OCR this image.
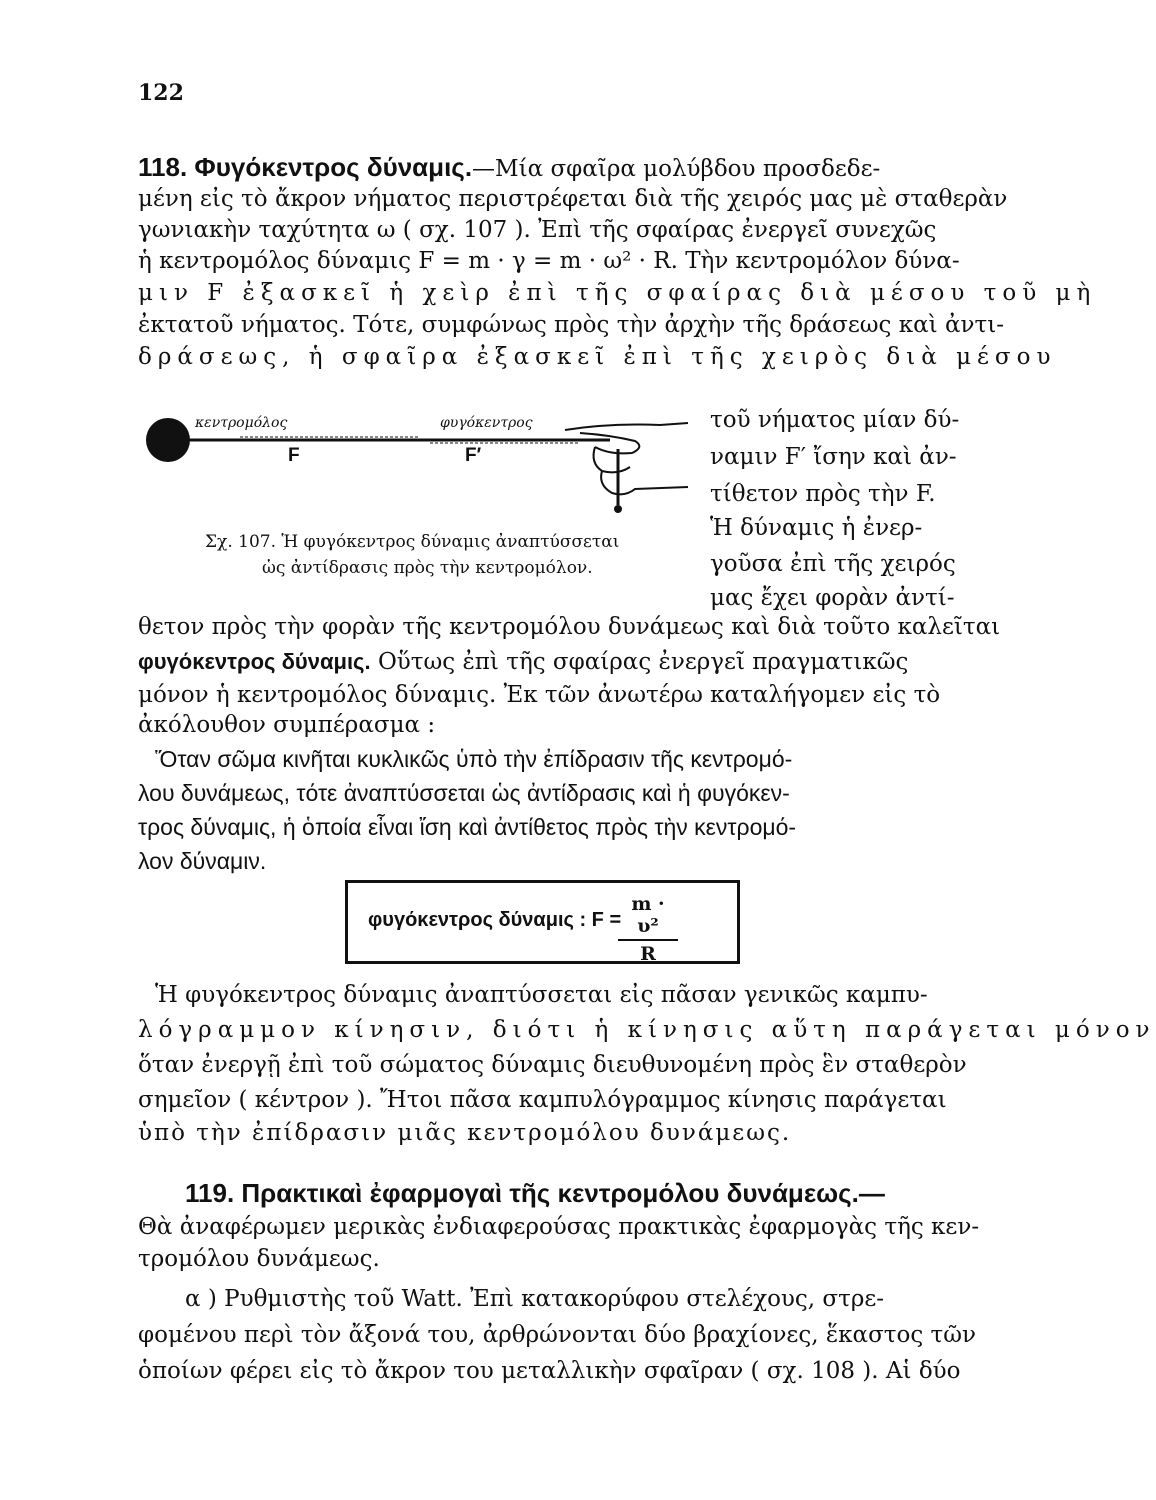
122
118. Φυγόκεντρος δύναμις.—Μία σφαῖρα μολύβδου προσδεδε-
μένη εἰς τὸ ἄκρον νήματος περιστρέφεται διὰ τῆς χειρός μας μὲ σταθερὰν
γωνιακὴν ταχύτητα ω ( σχ. 107 ). Ἐπὶ τῆς σφαίρας ἐνεργεῖ συνεχῶς
ἡ κεντρομόλος δύναμις F = m · γ = m · ω² · R. Τὴν κεντρομόλον δύνα-
μιν F ἐξασκεῖ ἡ χεὶρ ἐπὶ τῆς σφαίρας διὰ μέσου τοῦ μὴ
ἐκτατοῦ νήματος. Τότε, συμφώνως πρὸς τὴν ἀρχὴν τῆς δράσεως καὶ ἀντι-
δράσεως, ἡ σφαῖρα ἐξασκεῖ ἐπὶ τῆς χειρὸς διὰ μέσου
κεντρομόλος	φυγόκεντρος
F	F′
τοῦ νήματος μίαν δύ-
ναμιν F′ ἴσην καὶ ἀν-
τίθετον πρὸς τὴν F.
Ἡ δύναμις ἡ ἐνερ-
γοῦσα ἐπὶ τῆς χειρός
μας ἔχει φορὰν ἀντί-
Σχ. 107. Ἡ φυγόκεντρος δύναμις ἀναπτύσσεται
ὡς ἀντίδρασις πρὸς τὴν κεντρομόλον.
θετον πρὸς τὴν φορὰν τῆς κεντρομόλου δυνάμεως καὶ διὰ τοῦτο καλεῖται
φυγόκεντρος δύναμις. Οὕτως ἐπὶ τῆς σφαίρας ἐνεργεῖ πραγματικῶς
μόνον ἡ κεντρομόλος δύναμις. Ἐκ τῶν ἀνωτέρω καταλήγομεν εἰς τὸ
ἀκόλουθον συμπέρασμα :
Ὅταν σῶμα κινῆται κυκλικῶς ὑπὸ τὴν ἐπίδρασιν τῆς κεντρομό-
λου δυνάμεως, τότε ἀναπτύσσεται ὡς ἀντίδρασις καὶ ἡ φυγόκεν-
τρος δύναμις, ἡ ὁποία εἶναι ἴση καὶ ἀντίθετος πρὸς τὴν κεντρομό-
λον δύναμιν.
φυγόκεντρος δύναμις : F =
$\frac{\text{m · υ²}}{R}$
Ἡ φυγόκεντρος δύναμις ἀναπτύσσεται εἰς πᾶσαν γενικῶς καμπυ-
λόγραμμον κίνησιν, διότι ἡ κίνησις αὕτη παράγεται μόνον
ὅταν ἐνεργῇ ἐπὶ τοῦ σώματος δύναμις διευθυνομένη πρὸς ἓν σταθερὸν
σημεῖον ( κέντρον ). Ἤτοι πᾶσα καμπυλόγραμμος κίνησις παράγεται
ὑπὸ τὴν ἐπίδρασιν μιᾶς κεντρομόλου δυνάμεως.
119. Πρακτικαὶ ἐφαρμογαὶ τῆς κεντρομόλου δυνάμεως.—
Θὰ ἀναφέρωμεν μερικὰς ἐνδιαφερούσας πρακτικὰς ἐφαρμογὰς τῆς κεν-
τρομόλου δυνάμεως.
α ) Ρυθμιστὴς τοῦ Watt. Ἐπὶ κατακορύφου στελέχους, στρε-
φομένου περὶ τὸν ἄξονά του, ἀρθρώνονται δύο βραχίονες, ἕκαστος τῶν
ὁποίων φέρει εἰς τὸ ἄκρον του μεταλλικὴν σφαῖραν ( σχ. 108 ). Αἱ δύο
